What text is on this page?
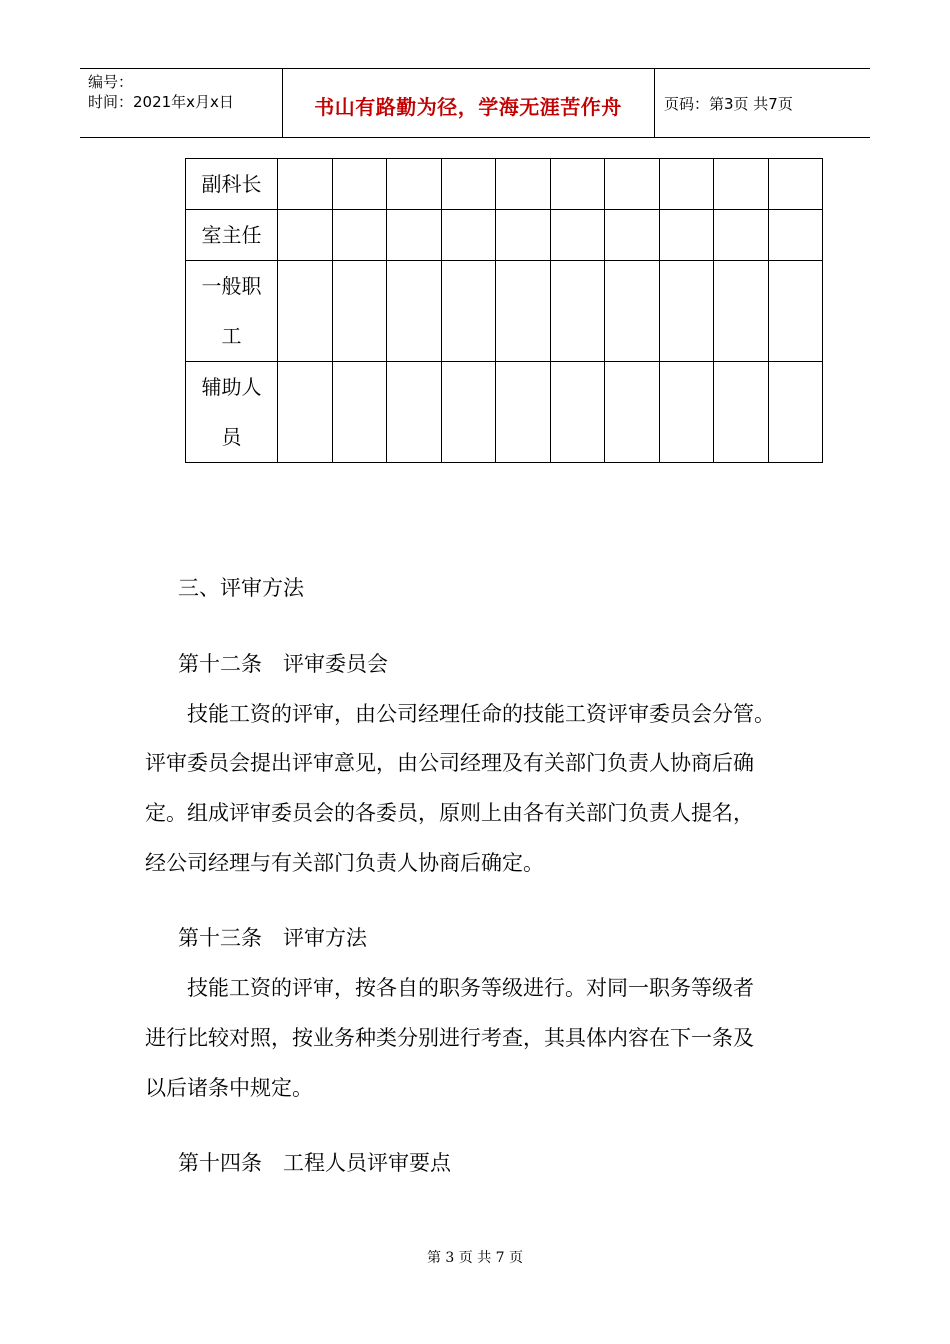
编号：
时间：2021年x月x日	书山有路勤为径，学海无涯苦作舟	页码：第3页 共7页
副科长										

室主任										

一般职
工										

辅助人
员										

三、评审方法
第十二条　评审委员会
　技能工资的评审，由公司经理任命的技能工资评审委员会分管。
评审委员会提出评审意见，由公司经理及有关部门负责人协商后确
定。组成评审委员会的各委员，原则上由各有关部门负责人提名，
经公司经理与有关部门负责人协商后确定。
第十三条　评审方法
　技能工资的评审，按各自的职务等级进行。对同一职务等级者
进行比较对照，按业务种类分别进行考查，其具体内容在下一条及
以后诸条中规定。
第十四条　工程人员评审要点
第 3 页 共 7 页
